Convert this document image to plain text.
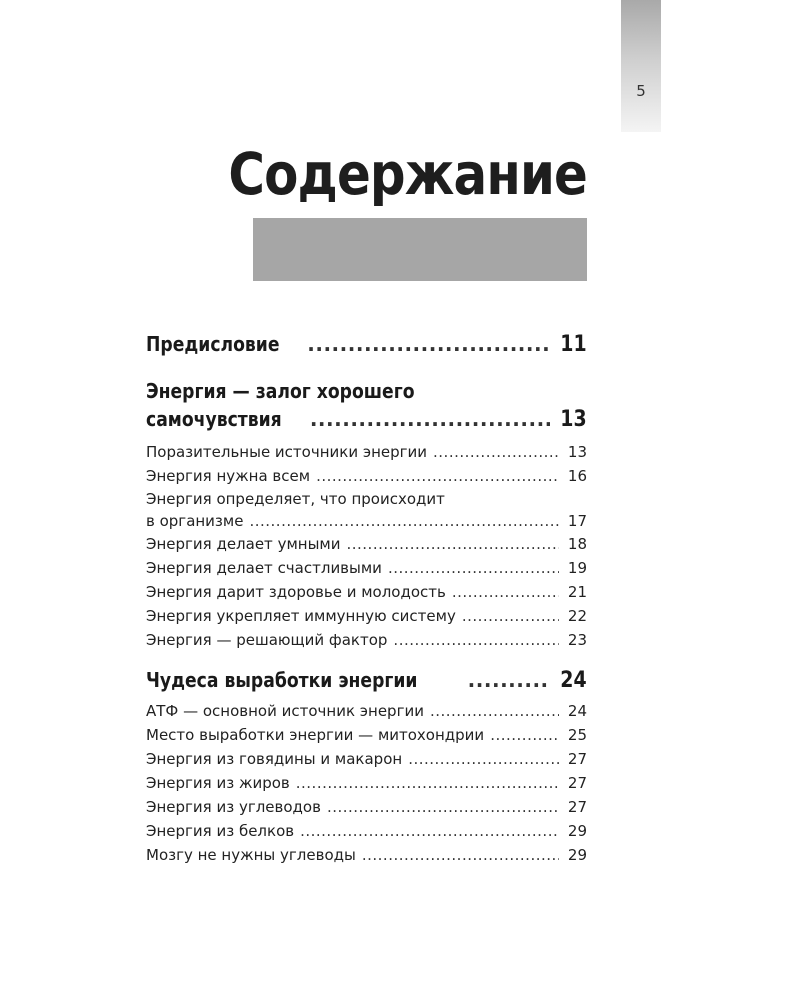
5
Содержание
Предисловие .....	11
Энергия — залог хорошего
самочувствия .....	13
Поразительные источники энергии .....	13
Энергия нужна всем .....	16
Энергия определяет, что происходит
в организме .....	17
Энергия делает умными .....	18
Энергия делает счастливыми .....	19
Энергия дарит здоровье и молодость .....	21
Энергия укрепляет иммунную систему .....	22
Энергия — решающий фактор .....	23
Чудеса выработки энергии .....	24
АТФ — основной источник энергии .....	24
Место выработки энергии — митохондрии .....	25
Энергия из говядины и макарон .....	27
Энергия из жиров .....	27
Энергия из углеводов .....	27
Энергия из белков .....	29
Мозгу не нужны углеводы .....	29
